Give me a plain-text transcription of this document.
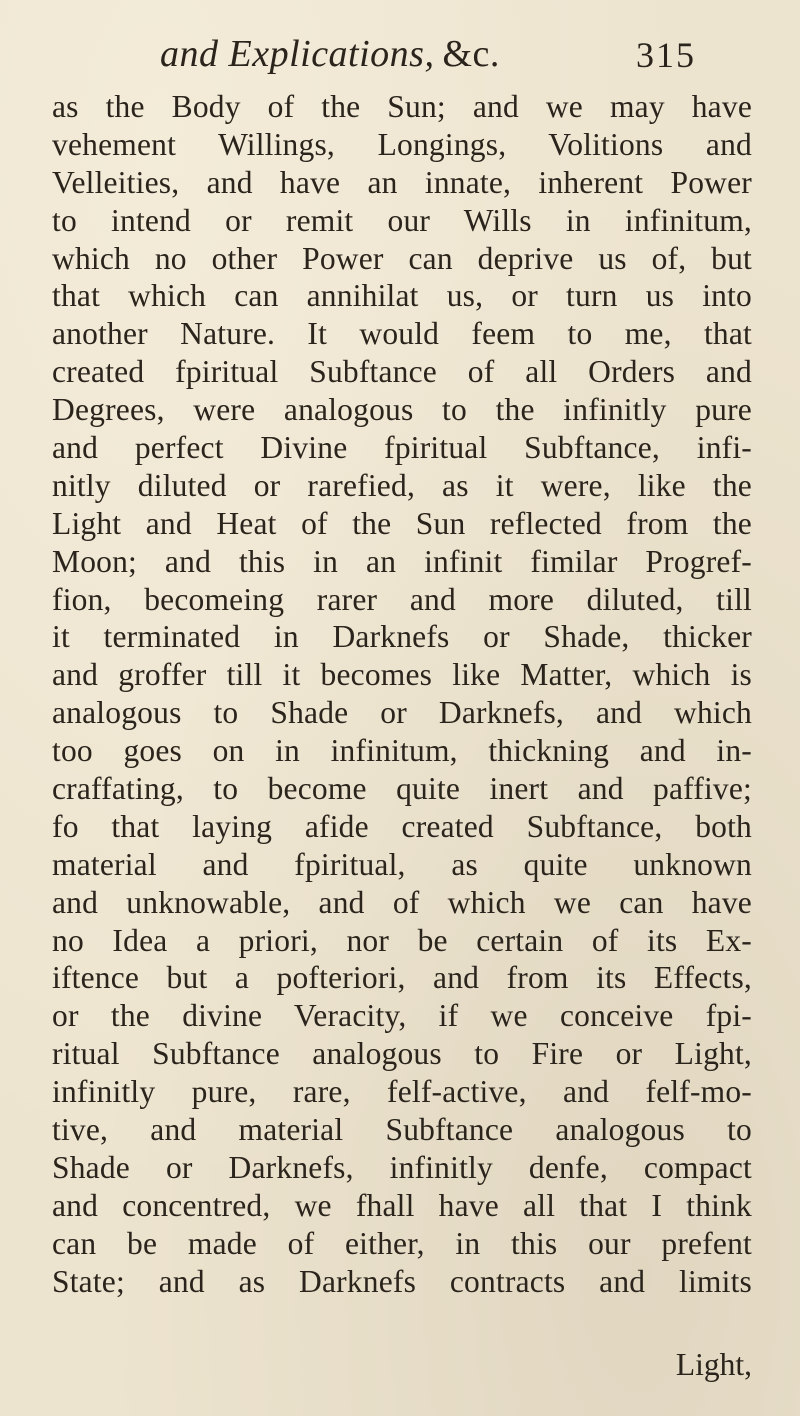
and Explications, &c.	315
as the Body of the Sun; and we may have
vehement Willings, Longings, Volitions and
Velleities, and have an innate, inherent Power
to intend or remit our Wills in infinitum,
which no other Power can deprive us of, but
that which can annihilat us, or turn us into
another Nature. It would feem to me, that
created fpiritual Subftance of all Orders and
Degrees, were analogous to the infinitly pure
and perfect Divine fpiritual Subftance, infi-
nitly diluted or rarefied, as it were, like the
Light and Heat of the Sun reflected from the
Moon; and this in an infinit fimilar Progref-
fion, becomeing rarer and more diluted, till
it terminated in Darknefs or Shade, thicker
and groffer till it becomes like Matter, which is
analogous to Shade or Darknefs, and which
too goes on in infinitum, thickning and in-
craffating, to become quite inert and paffive;
fo that laying afide created Subftance, both
material and fpiritual, as quite unknown
and unknowable, and of which we can have
no Idea a priori, nor be certain of its Ex-
iftence but a pofteriori, and from its Effects,
or the divine Veracity, if we conceive fpi-
ritual Subftance analogous to Fire or Light,
infinitly pure, rare, felf-active, and felf-mo-
tive, and material Subftance analogous to
Shade or Darknefs, infinitly denfe, compact
and concentred, we fhall have all that I think
can be made of either, in this our prefent
State; and as Darknefs contracts and limits
Light,
